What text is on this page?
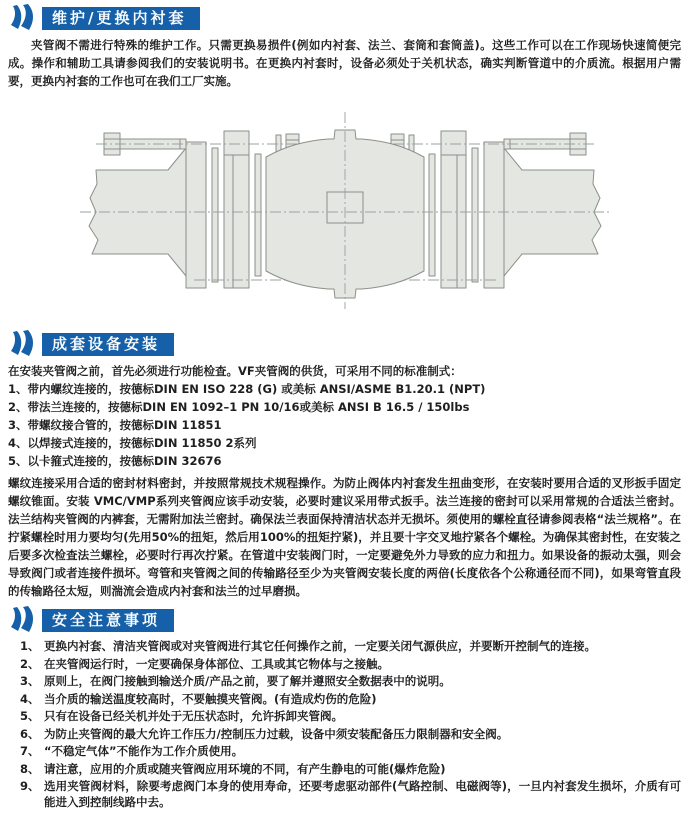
维护/更换内衬套

夹管阀不需进行特殊的维护工作。只需更换易损件(例如内衬套、法兰、套筒和套筒盖)。这些工作可以在工作现场快速简便完成。操作和辅助工具请参阅我们的安装说明书。在更换内衬套时，设备必须处于关机状态，确实判断管道中的介质流。根据用户需要，更换内衬套的工作也可在我们工厂实施。

成套设备安装

在安装夹管阀之前，首先必须进行功能检查。VF夹管阀的供货，可采用不同的标准制式：

1、带内螺纹连接的，按德标DIN EN ISO 228 (G) 或美标 ANSI/ASME B1.20.1 (NPT)
2、带法兰连接的，按德标DIN EN 1092–1 PN 10/16或美标 ANSI B 16.5 / 150lbs
3、带螺纹接合管的，按德标DIN 11851
4、以焊接式连接的，按德标DIN 11850 2系列
5、以卡箍式连接的，按德标DIN 32676

螺纹连接采用合适的密封材料密封，并按照常规技术规程操作。为防止阀体内衬套发生扭曲变形，在安装时要用合适的叉形扳手固定螺纹锥面。安装 VMC/VMP系列夹管阀应该手动安装，必要时建议采用带式扳手。法兰连接的密封可以采用常规的合适法兰密封。法兰结构夹管阀的内裤套，无需附加法兰密封。确保法兰表面保持清洁状态并无损坏。须使用的螺栓直径请参阅表格“法兰规格”。在拧紧螺栓时用力要均匀(先用50%的扭矩，然后用100%的扭矩拧紧)，并且要十字交叉地拧紧各个螺栓。为确保其密封性，在安装之后要多次检查法兰螺栓，必要时行再次拧紧。在管道中安装阀门时，一定要避免外力导致的应力和扭力。如果设备的振动太强，则会导致阀门或者连接件损坏。弯管和夹管阀之间的传输路径至少为夹管阀安装长度的两倍(长度依各个公称通径而不同)，如果弯管直段的传输路径太短，则湍流会造成内衬套和法兰的过早磨损。

安全注意事项
1、 更换内衬套、清洁夹管阀或对夹管阀进行其它任何操作之前，一定要关闭气源供应，并要断开控制气的连接。
2、 在夹管阀运行时，一定要确保身体部位、工具或其它物体与之接触。
3、 原则上，在阀门接触到输送介质/产品之前，要了解并遵照安全数据表中的说明。
4、 当介质的输送温度较高时，不要触摸夹管阀。(有造成灼伤的危险)
5、 只有在设备已经关机并处于无压状态时，允许拆卸夹管阀。
6、 为防止夹管阀的最大允许工作压力/控制压力过载，设备中须安装配备压力限制器和安全阀。
7、 “不稳定气体”不能作为工作介质使用。
8、 请注意，应用的介质或随夹管阀应用环境的不同，有产生静电的可能(爆炸危险)
9、 选用夹管阀材料，除要考虑阀门本身的使用寿命，还要考虑驱动部件(气路控制、电磁阀等)，一旦内衬套发生损坏，介质有可能进入到控制线路中去。
